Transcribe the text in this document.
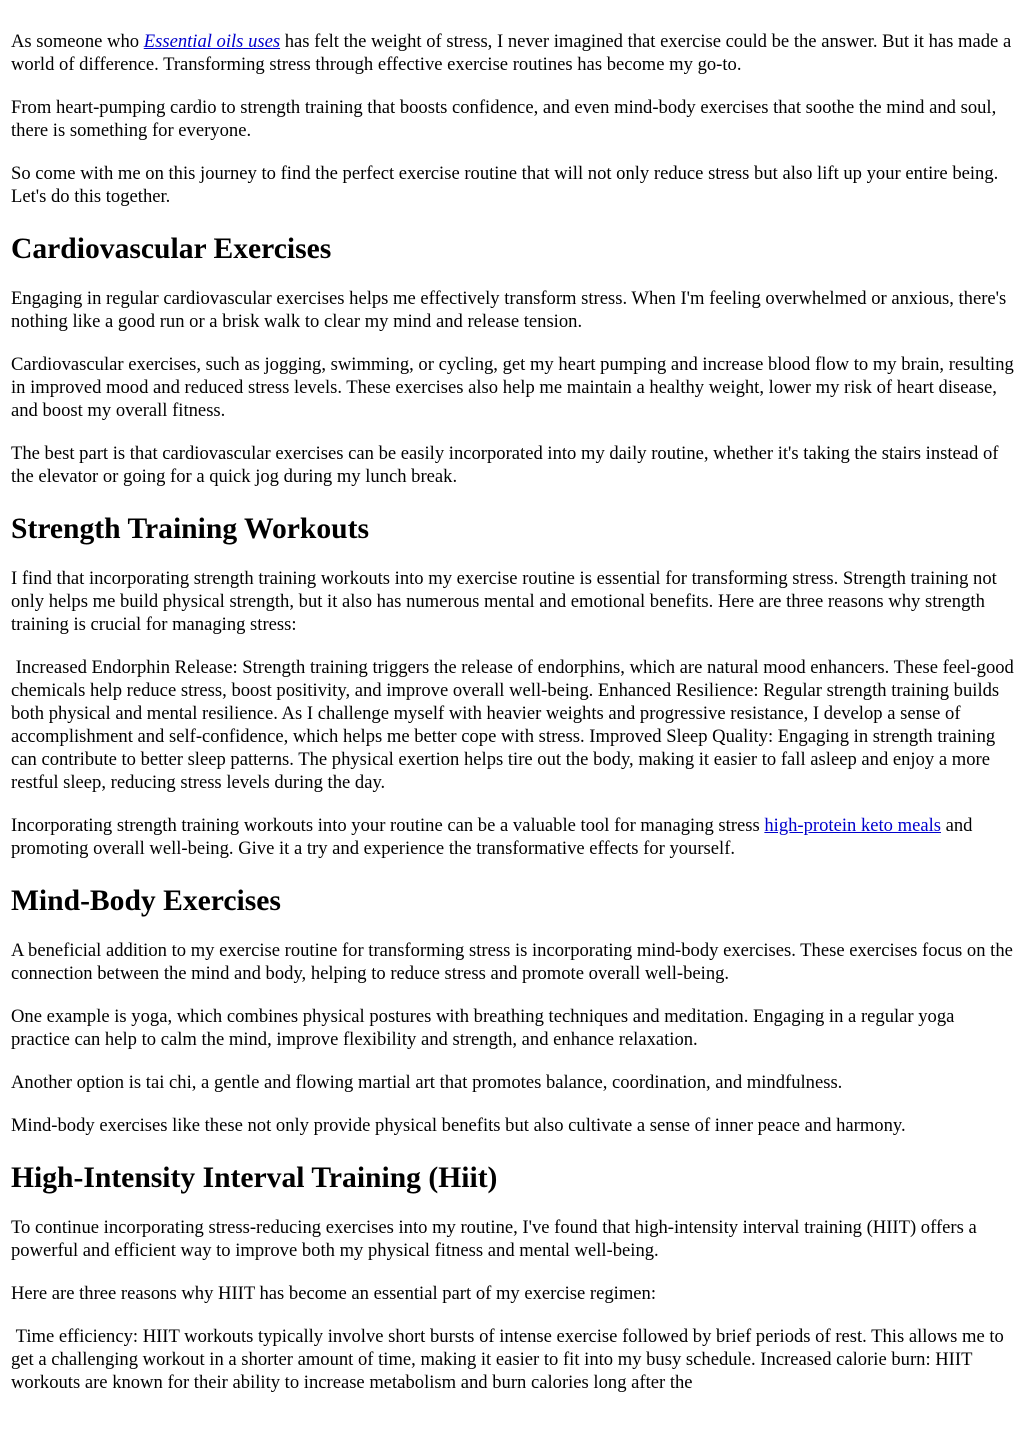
As someone who Essential oils uses has felt the weight of stress, I never imagined that exercise could be the answer. But it has made a world of difference. Transforming stress through effective exercise routines has become my go-to.

From heart-pumping cardio to strength training that boosts confidence, and even mind-body exercises that soothe the mind and soul, there is something for everyone.

So come with me on this journey to find the perfect exercise routine that will not only reduce stress but also lift up your entire being. Let's do this together.

Cardiovascular Exercises

Engaging in regular cardiovascular exercises helps me effectively transform stress. When I'm feeling overwhelmed or anxious, there's nothing like a good run or a brisk walk to clear my mind and release tension.

Cardiovascular exercises, such as jogging, swimming, or cycling, get my heart pumping and increase blood flow to my brain, resulting in improved mood and reduced stress levels. These exercises also help me maintain a healthy weight, lower my risk of heart disease, and boost my overall fitness.

The best part is that cardiovascular exercises can be easily incorporated into my daily routine, whether it's taking the stairs instead of the elevator or going for a quick jog during my lunch break.

Strength Training Workouts

I find that incorporating strength training workouts into my exercise routine is essential for transforming stress. Strength training not only helps me build physical strength, but it also has numerous mental and emotional benefits. Here are three reasons why strength training is crucial for managing stress:

Increased Endorphin Release: Strength training triggers the release of endorphins, which are natural mood enhancers. These feel-good chemicals help reduce stress, boost positivity, and improve overall well-being. Enhanced Resilience: Regular strength training builds both physical and mental resilience. As I challenge myself with heavier weights and progressive resistance, I develop a sense of accomplishment and self-confidence, which helps me better cope with stress. Improved Sleep Quality: Engaging in strength training can contribute to better sleep patterns. The physical exertion helps tire out the body, making it easier to fall asleep and enjoy a more restful sleep, reducing stress levels during the day.

Incorporating strength training workouts into your routine can be a valuable tool for managing stress high-protein keto meals and promoting overall well-being. Give it a try and experience the transformative effects for yourself.

Mind-Body Exercises

A beneficial addition to my exercise routine for transforming stress is incorporating mind-body exercises. These exercises focus on the connection between the mind and body, helping to reduce stress and promote overall well-being.

One example is yoga, which combines physical postures with breathing techniques and meditation. Engaging in a regular yoga practice can help to calm the mind, improve flexibility and strength, and enhance relaxation.

Another option is tai chi, a gentle and flowing martial art that promotes balance, coordination, and mindfulness.

Mind-body exercises like these not only provide physical benefits but also cultivate a sense of inner peace and harmony.

High-Intensity Interval Training (Hiit)

To continue incorporating stress-reducing exercises into my routine, I've found that high-intensity interval training (HIIT) offers a powerful and efficient way to improve both my physical fitness and mental well-being.

Here are three reasons why HIIT has become an essential part of my exercise regimen:

Time efficiency: HIIT workouts typically involve short bursts of intense exercise followed by brief periods of rest. This allows me to get a challenging workout in a shorter amount of time, making it easier to fit into my busy schedule. Increased calorie burn: HIIT workouts are known for their ability to increase metabolism and burn calories long after the
